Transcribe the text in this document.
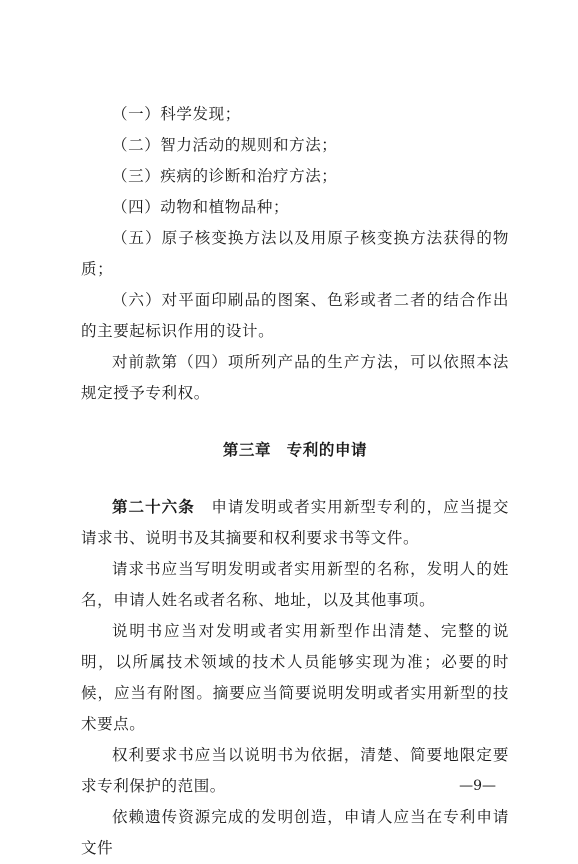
（一）科学发现；

（二）智力活动的规则和方法；

（三）疾病的诊断和治疗方法；

（四）动物和植物品种；

（五）原子核变换方法以及用原子核变换方法获得的物质；

（六）对平面印刷品的图案、色彩或者二者的结合作出的主要起标识作用的设计。

对前款第（四）项所列产品的生产方法，可以依照本法规定授予专利权。

第三章 专利的申请

第二十六条　 申请发明或者实用新型专利的，应当提交请求书、说明书及其摘要和权利要求书等文件。

请求书应当写明发明或者实用新型的名称，发明人的姓名，申请人姓名或者名称、地址，以及其他事项。

说明书应当对发明或者实用新型作出清楚、完整的说明，以所属技术领域的技术人员能够实现为准；必要的时候，应当有附图。摘要应当简要说明发明或者实用新型的技术要点。

权利要求书应当以说明书为依据，清楚、简要地限定要求专利保护的范围。

依赖遗传资源完成的发明创造，申请人应当在专利申请文件

—9—
